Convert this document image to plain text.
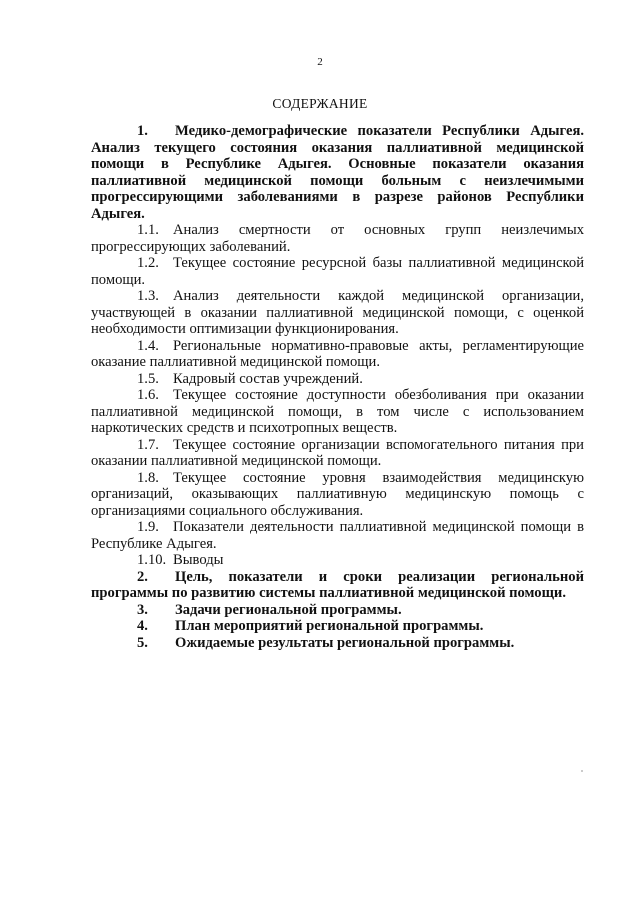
2
СОДЕРЖАНИЕ

1. Медико-демографические показатели Республики Адыгея. Анализ текущего состояния оказания паллиативной медицинской помощи в Республике Адыгея. Основные показатели оказания паллиативной медицинской помощи больным с неизлечимыми прогрессирующими заболеваниями в разрезе районов Республики Адыгея.

1.1. Анализ смертности от основных групп неизлечимых прогрессирующих заболеваний.

1.2. Текущее состояние ресурсной базы паллиативной медицинской помощи.

1.3. Анализ деятельности каждой медицинской организации, участвующей в оказании паллиативной медицинской помощи, с оценкой необходимости оптимизации функционирования.

1.4. Региональные нормативно-правовые акты, регламентирующие оказание паллиативной медицинской помощи.

1.5. Кадровый состав учреждений.

1.6. Текущее состояние доступности обезболивания при оказании паллиативной медицинской помощи, в том числе с использованием наркотических средств и психотропных веществ.

1.7. Текущее состояние организации вспомогательного питания при оказании паллиативной медицинской помощи.

1.8. Текущее состояние уровня взаимодействия медицинскую организаций, оказывающих паллиативную медицинскую помощь с организациями социального обслуживания.

1.9. Показатели деятельности паллиативной медицинской помощи в Республике Адыгея.

1.10. Выводы

2. Цель, показатели и сроки реализации региональной программы по развитию системы паллиативной медицинской помощи.

3. Задачи региональной программы.

4. План мероприятий региональной программы.

5. Ожидаемые результаты региональной программы.
